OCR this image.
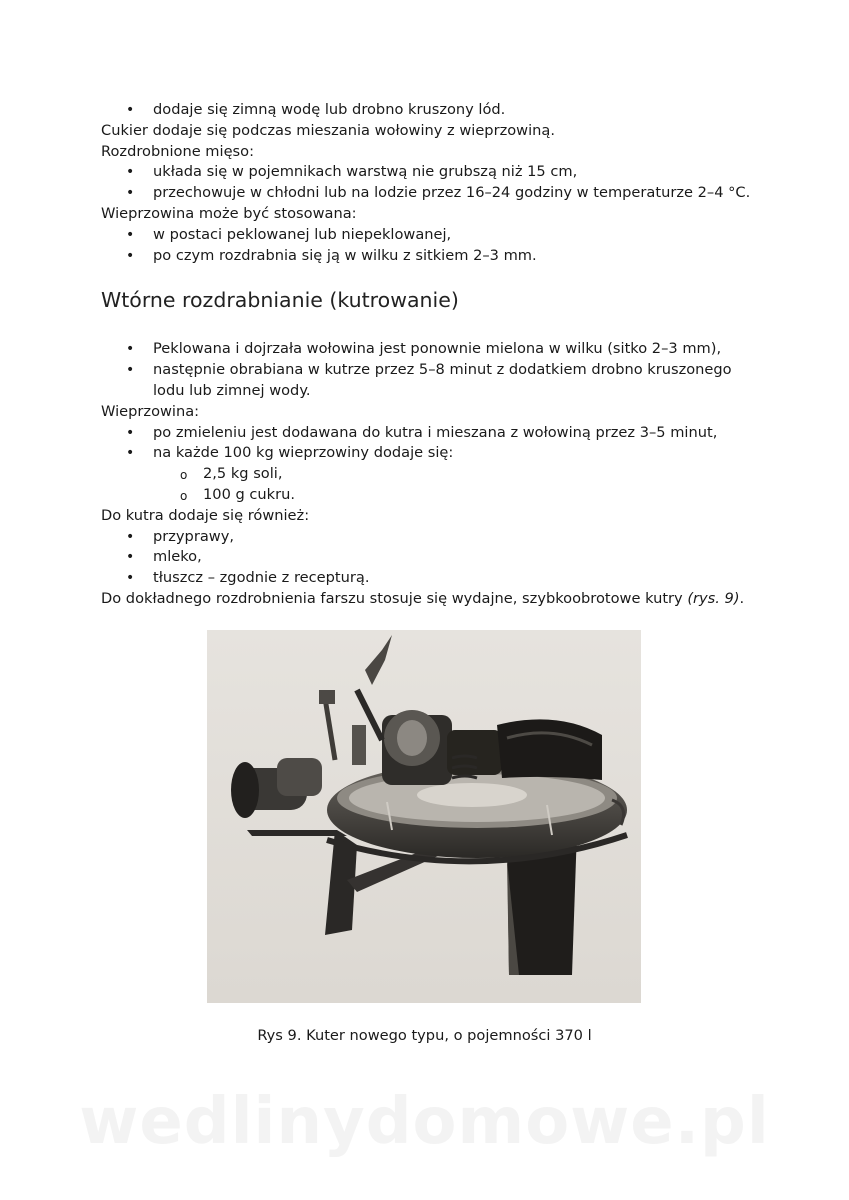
• dodaje się zimną wodę lub drobno kruszony lód.

Cukier dodaje się podczas mieszania wołowiny z wieprzowiną.

Rozdrobnione mięso:

• układa się w pojemnikach warstwą nie grubszą niż 15 cm,
• przechowuje w chłodni lub na lodzie przez 16–24 godziny w temperaturze 2–4 °C.

Wieprzowina może być stosowana:

• w postaci peklowanej lub niepeklowanej,
• po czym rozdrabnia się ją w wilku z sitkiem 2–3 mm.
Wtórne rozdrabnianie (kutrowanie)
• Peklowana i dojrzała wołowina jest ponownie mielona w wilku (sitko 2–3 mm),
• następnie obrabiana w kutrze przez 5–8 minut z dodatkiem drobno kruszonego lodu lub zimnej wody.

Wieprzowina:

• po zmieleniu jest dodawana do kutra i mieszana z wołowiną przez 3–5 minut,
• na każde 100 kg wieprzowiny dodaje się:
o 2,5 kg soli,
o 100 g cukru.

Do kutra dodaje się również:

• przyprawy,
• mleko,
• tłuszcz – zgodnie z recepturą.

Do dokładnego rozdrobnienia farszu stosuje się wydajne, szybkoobrotowe kutry (rys. 9).

Rys 9. Kuter nowego typu, o pojemności 370 l
wedlinydomowe.pl
